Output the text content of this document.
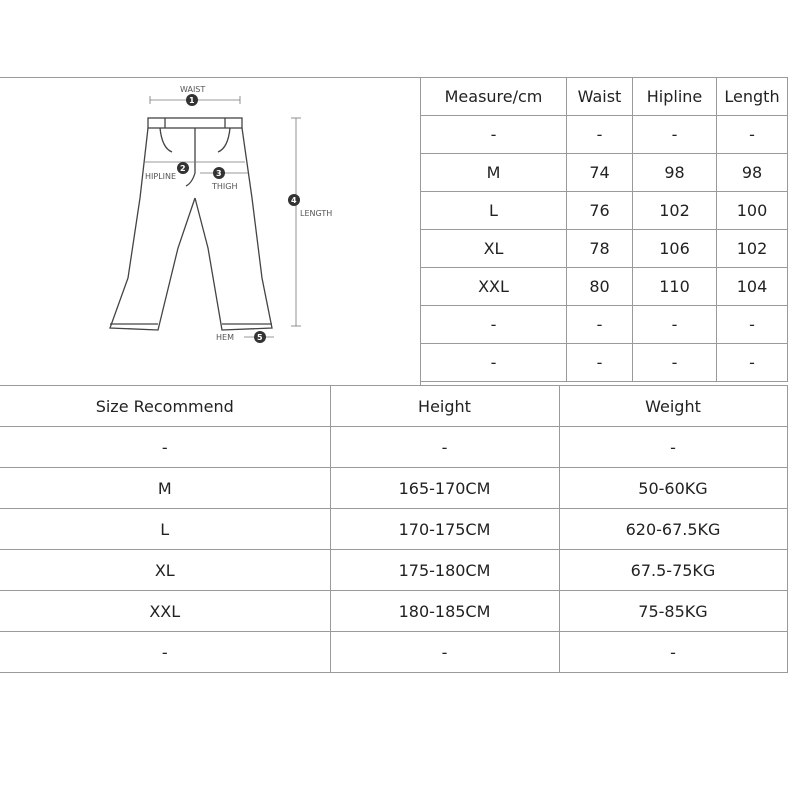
WAIST
1
2
HIPLINE	3
THIGH
4
LENGTH
5
HEM
Measure/cm	Waist	Hipline	Length
-	-	-	-
M	74	98	98
L	76	102	100
XL	78	106	102
XXL	80	110	104
-	-	-	-
-	-	-	-
Size Recommend	Height	Weight
-	-	-
M	165-170CM	50-60KG
L	170-175CM	620-67.5KG
XL	175-180CM	67.5-75KG
XXL	180-185CM	75-85KG
-	-	-
